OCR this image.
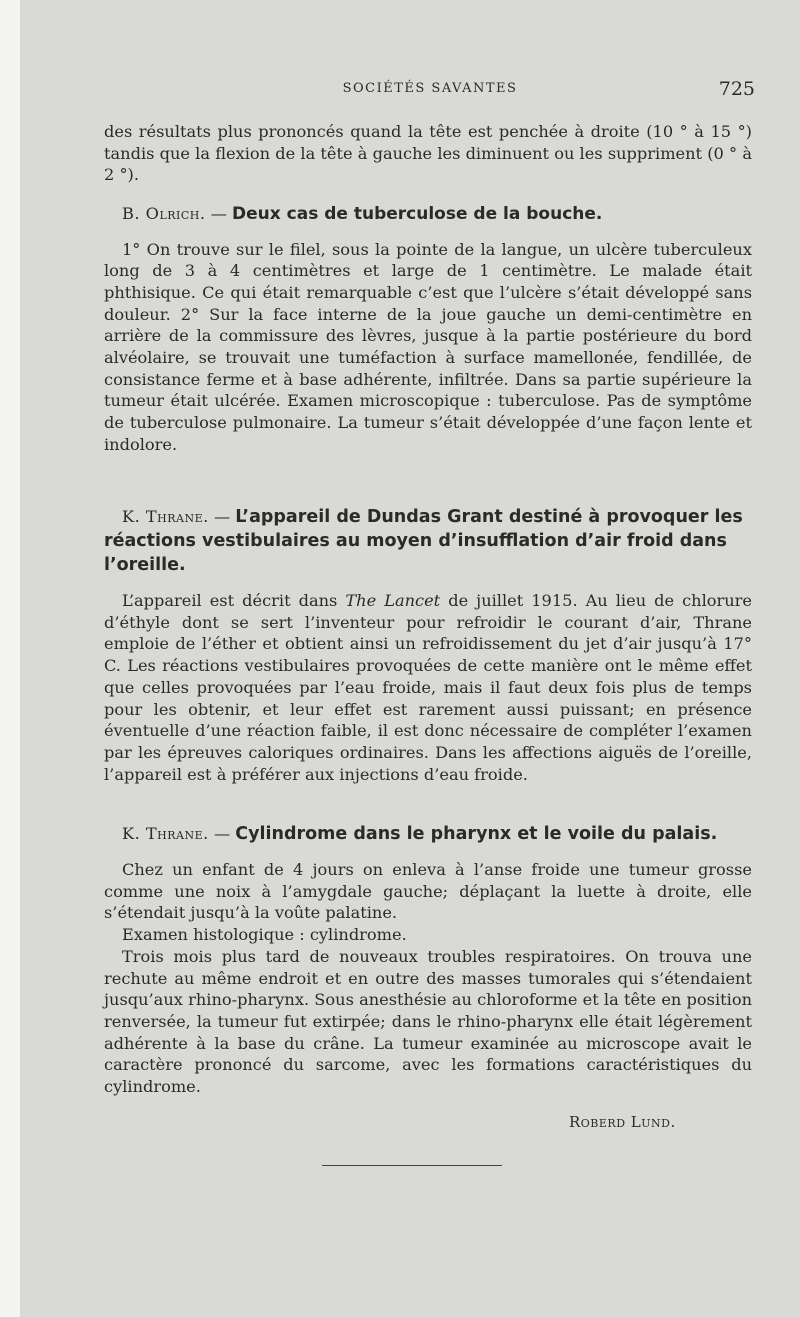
SOCIÉTÉS SAVANTES	725

des résultats plus prononcés quand la tête est penchée à droite (10 ° à 15 °) tandis que la flexion de la tête à gauche les diminuent ou les suppriment (0 ° à 2 °).

B. Olrich. — Deux cas de tuberculose de la bouche.

1° On trouve sur le filel, sous la pointe de la langue, un ulcère tuberculeux long de 3 à 4 centimètres et large de 1 centimètre. Le malade était phthisique. Ce qui était remarquable c’est que l’ulcère s’était développé sans douleur. 2° Sur la face interne de la joue gauche un demi-centimètre en arrière de la commissure des lèvres, jusque à la partie postérieure du bord alvéolaire, se trouvait une tuméfaction à surface mamellonée, fendillée, de consistance ferme et à base adhérente, infiltrée. Dans sa partie supérieure la tumeur était ulcérée. Examen microscopique : tuberculose. Pas de symptôme de tuberculose pulmonaire. La tumeur s’était développée d’une façon lente et indolore.

K. Thrane. — L’appareil de Dundas Grant destiné à provoquer les réactions vestibulaires au moyen d’insufflation d’air froid dans l’oreille.

L’appareil est décrit dans The Lancet de juillet 1915. Au lieu de chlorure d’éthyle dont se sert l’inventeur pour refroidir le courant d’air, Thrane emploie de l’éther et obtient ainsi un refroidissement du jet d’air jusqu’à 17° C. Les réactions vestibulaires provoquées de cette manière ont le même effet que celles provoquées par l’eau froide, mais il faut deux fois plus de temps pour les obtenir, et leur effet est rarement aussi puissant; en présence éventuelle d’une réaction faible, il est donc nécessaire de compléter l’examen par les épreuves caloriques ordinaires. Dans les affections aiguës de l’oreille, l’appareil est à préférer aux injections d’eau froide.

K. Thrane. — Cylindrome dans le pharynx et le voile du palais.

Chez un enfant de 4 jours on enleva à l’anse froide une tumeur grosse comme une noix à l’amygdale gauche; déplaçant la luette à droite, elle s’étendait jusqu’à la voûte palatine.

Examen histologique : cylindrome.

Trois mois plus tard de nouveaux troubles respiratoires. On trouva une rechute au même endroit et en outre des masses tumorales qui s’étendaient jusqu’aux rhino-pharynx. Sous anesthésie au chloroforme et la tête en position renversée, la tumeur fut extirpée; dans le rhino-pharynx elle était légèrement adhérente à la base du crâne. La tumeur examinée au microscope avait le caractère prononcé du sarcome, avec les formations caractéristiques du cylindrome.

Roberd Lund.
